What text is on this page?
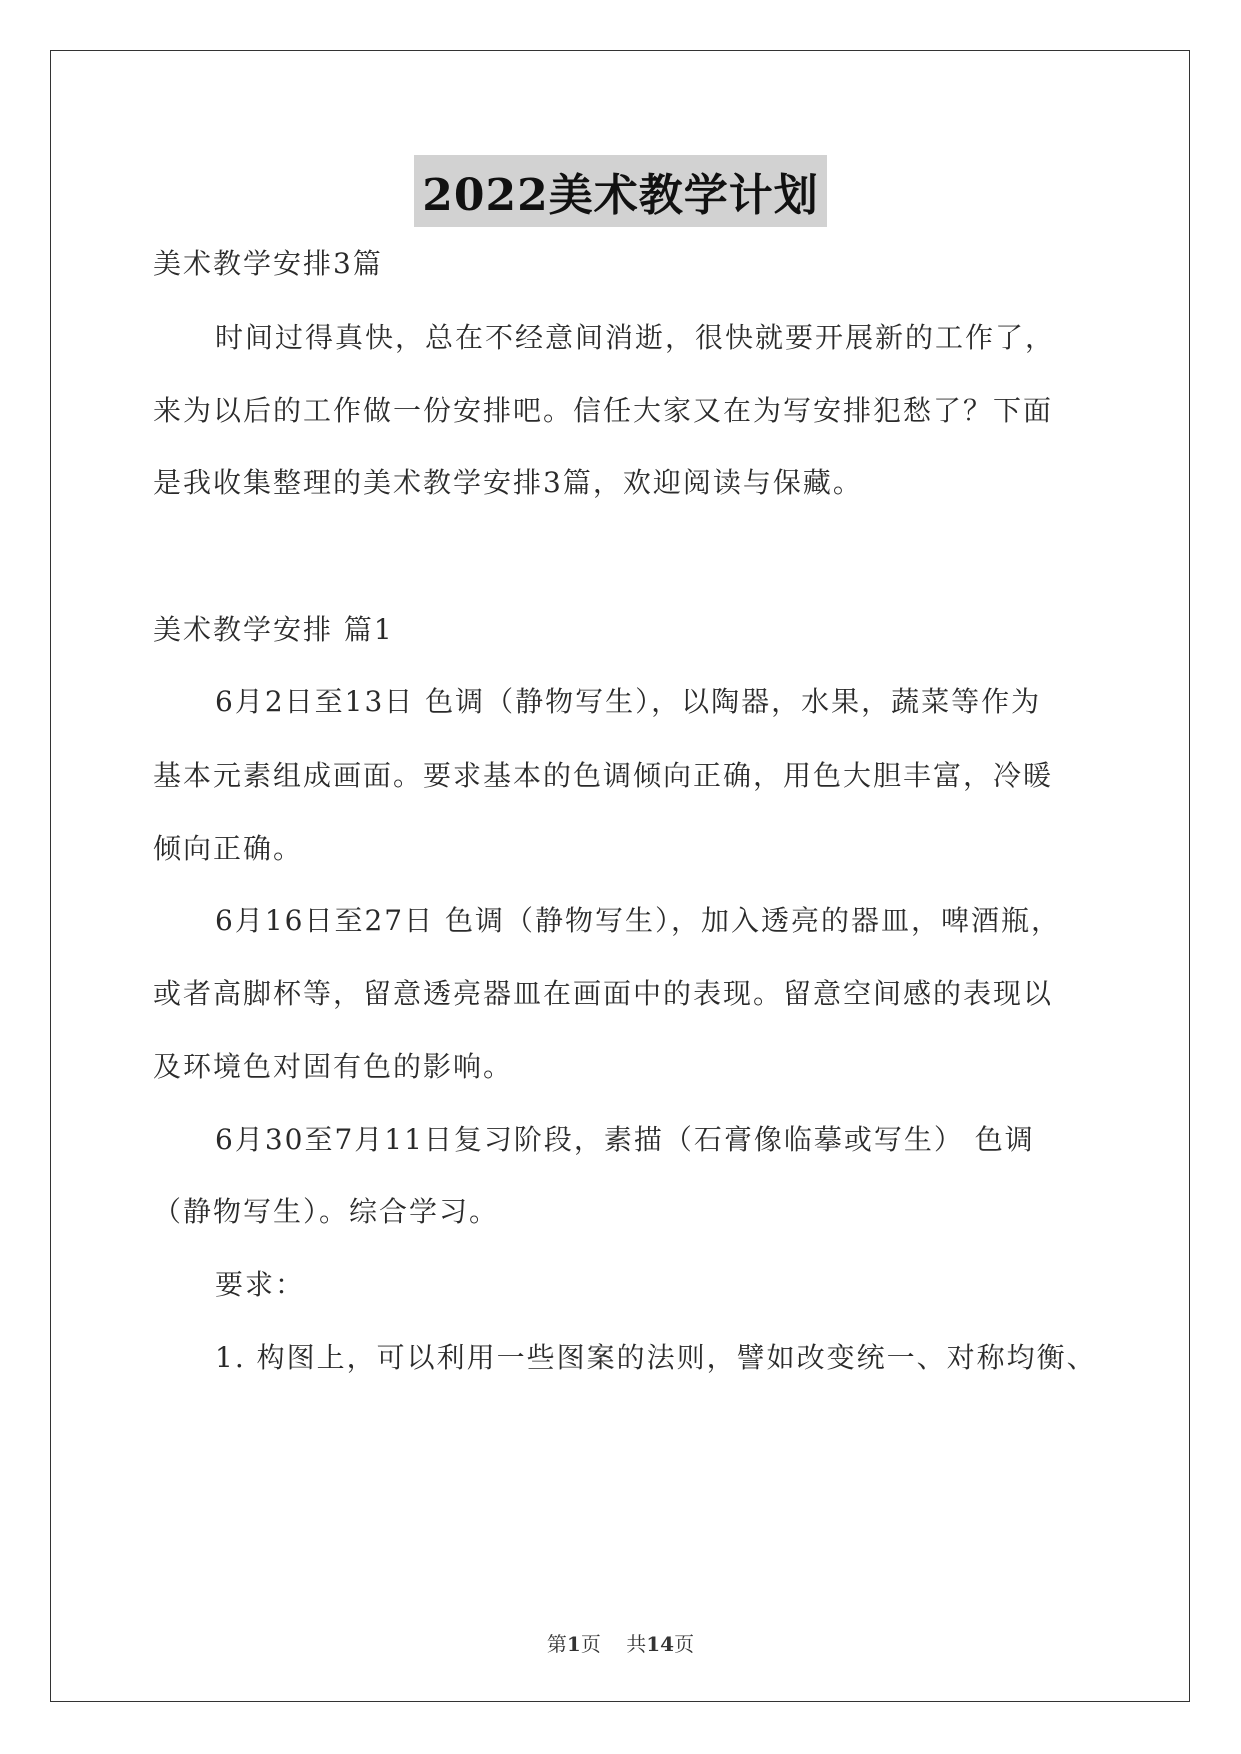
2022美术教学计划
美术教学安排3篇
时间过得真快，总在不经意间消逝，很快就要开展新的工作了，
来为以后的工作做一份安排吧。信任大家又在为写安排犯愁了？下面
是我收集整理的美术教学安排3篇，欢迎阅读与保藏。
美术教学安排 篇1
6月2日至13日 色调（静物写生），以陶器，水果，蔬菜等作为
基本元素组成画面。要求基本的色调倾向正确，用色大胆丰富，冷暖
倾向正确。
6月16日至27日 色调（静物写生），加入透亮的器皿，啤酒瓶，
或者高脚杯等，留意透亮器皿在画面中的表现。留意空间感的表现以
及环境色对固有色的影响。
6月30至7月11日复习阶段，素描（石膏像临摹或写生） 色调
（静物写生）。综合学习。
要求：
1. 构图上，可以利用一些图案的法则，譬如改变统一、对称均衡、
第1页 共14页
